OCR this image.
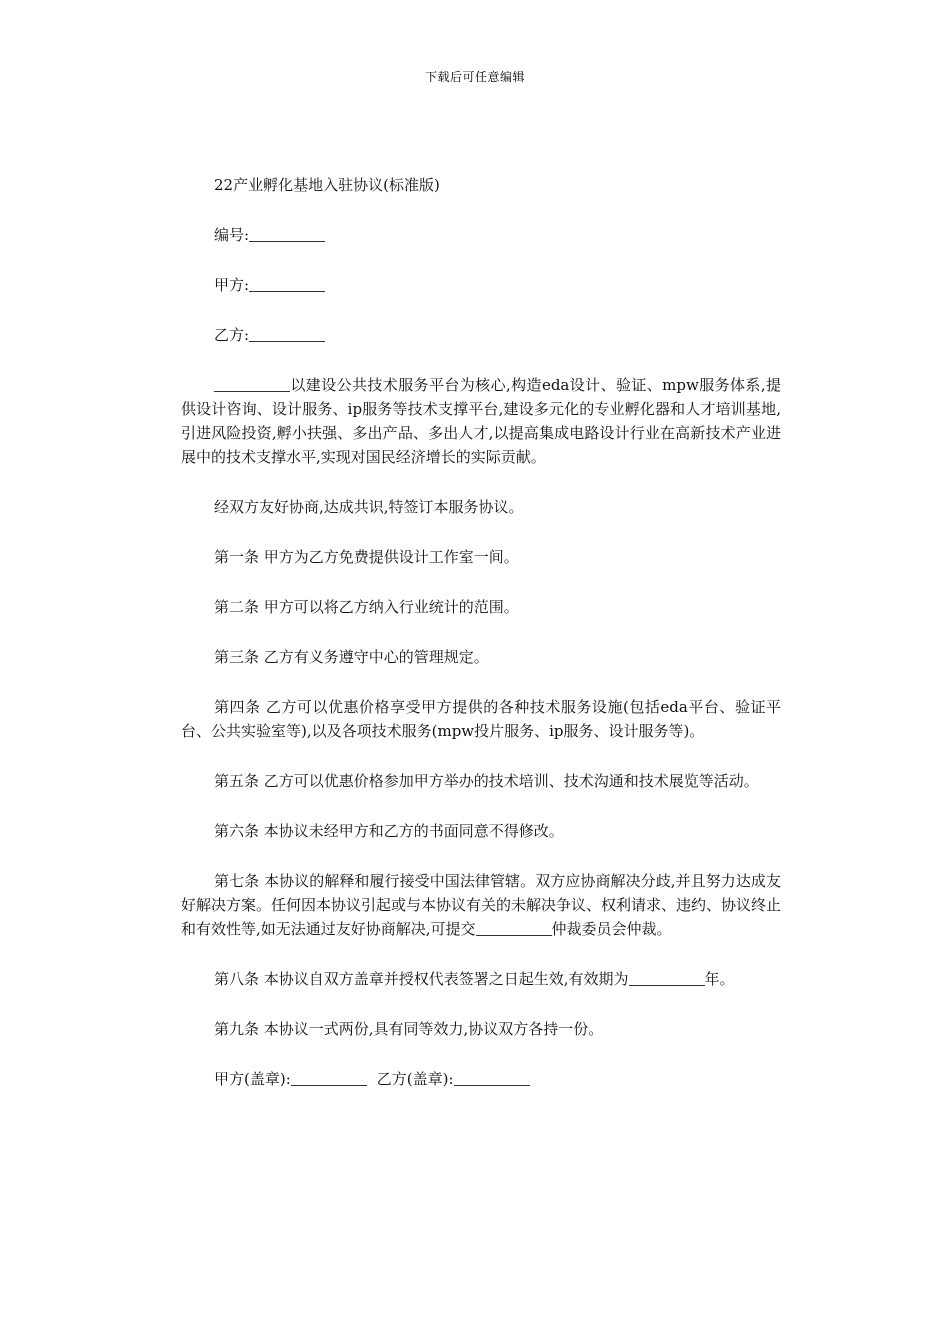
下载后可任意编辑
22产业孵化基地入驻协议(标准版)
编号:
甲方:
乙方:
以建设公共技术服务平台为核心,构造eda设计、验证、mpw服务体系,提供设计咨询、设计服务、ip服务等技术支撑平台,建设多元化的专业孵化器和人才培训基地,引进风险投资,孵小扶强、多出产品、多出人才,以提高集成电路设计行业在高新技术产业进展中的技术支撑水平,实现对国民经济增长的实际贡献。
经双方友好协商,达成共识,特签订本服务协议。
第一条 甲方为乙方免费提供设计工作室一间。
第二条 甲方可以将乙方纳入行业统计的范围。
第三条 乙方有义务遵守中心的管理规定。
第四条 乙方可以优惠价格享受甲方提供的各种技术服务设施(包括eda平台、验证平台、公共实验室等),以及各项技术服务(mpw投片服务、ip服务、设计服务等)。
第五条 乙方可以优惠价格参加甲方举办的技术培训、技术沟通和技术展览等活动。
第六条 本协议未经甲方和乙方的书面同意不得修改。
第七条 本协议的解释和履行接受中国法律管辖。双方应协商解决分歧,并且努力达成友好解决方案。任何因本协议引起或与本协议有关的未解决争议、权利请求、违约、协议终止和有效性等,如无法通过友好协商解决,可提交	仲裁委员会仲裁。
第八条 本协议自双方盖章并授权代表签署之日起生效,有效期为	年。
第九条 本协议一式两份,具有同等效力,协议双方各持一份。
甲方(盖章):	乙方(盖章):
